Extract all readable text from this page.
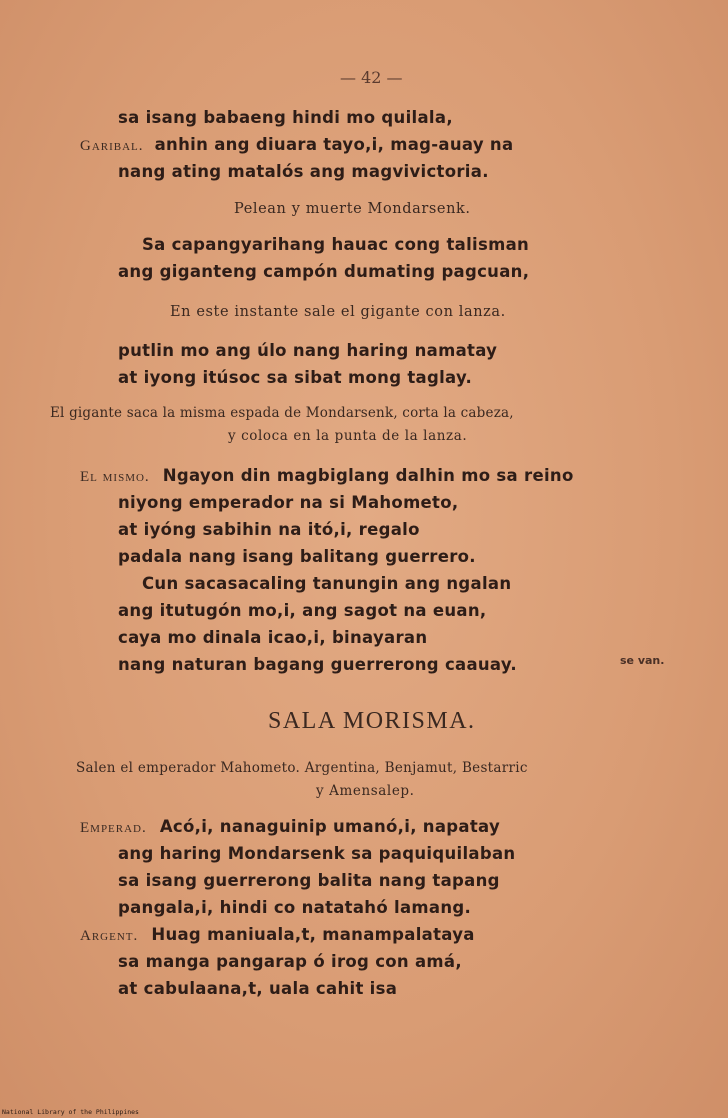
— 42 —
sa isang babaeng hindi mo quilala,
Garibal. anhin ang diuara tayo,i, mag-auay na
nang ating matalós ang magvivictoria.
Pelean y muerte Mondarsenk.
Sa capangyarihang hauac cong talisman
ang giganteng campón dumating pagcuan,
En este instante sale el gigante con lanza.
putlin mo ang úlo nang haring namatay
at iyong itúsoc sa sibat mong taglay.
El gigante saca la misma espada de Mondarsenk, corta la cabeza,
y coloca en la punta de la lanza.
El mismo. Ngayon din magbiglang dalhin mo sa reino
niyong emperador na si Mahometo,
at iyóng sabihin na itó,i, regalo
padala nang isang balitang guerrero.
Cun sacasacaling tanungin ang ngalan
ang itutugón mo,i, ang sagot na euan,
caya mo dinala icao,i, binayaran
nang naturan bagang guerrerong caauay.	se van.
SALA MORISMA.
Salen el emperador Mahometo. Argentina, Benjamut, Bestarric
y Amensalep.
Emperad. Acó,i, nanaguinip umanó,i, napatay
ang haring Mondarsenk sa paquiquilaban
sa isang guerrerong balita nang tapang
pangala,i, hindi co natatahó lamang.
Argent. Huag maniuala,t, manampalataya
sa manga pangarap ó irog con amá,
at cabulaana,t, uala cahit isa
National Library of the Philippines
